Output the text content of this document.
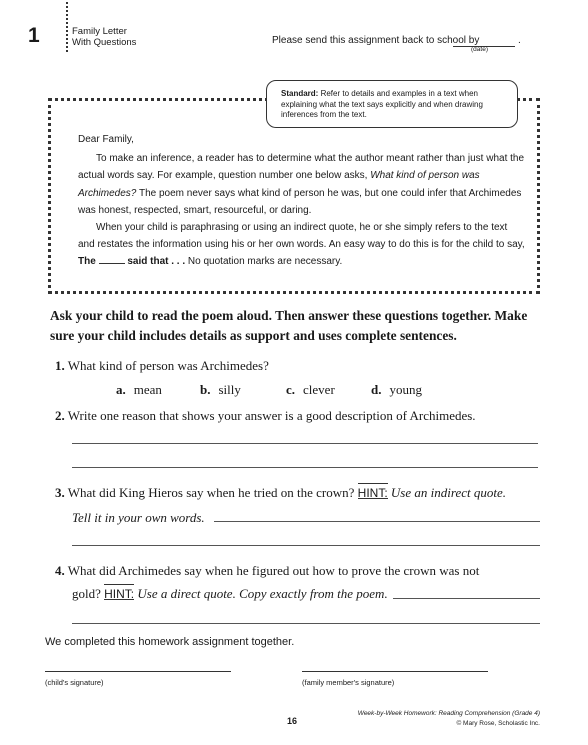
1	Family Letter
With Questions	Please send this assignment back to school by	.
(date)
Standard: Refer to details and examples in a text when explaining what the text says explicitly and when drawing inferences from the text.

Dear Family,

To make an inference, a reader has to determine what the author meant rather than just what the actual words say. For example, question number one below asks, What kind of person was Archimedes? The poem never says what kind of person he was, but one could infer that Archimedes was honest, respected, smart, resourceful, or daring.

When your child is paraphrasing or using an indirect quote, he or she simply refers to the text and restates the information using his or her own words. An easy way to do this is for the child to say, The	said that . . . No quotation marks are necessary.

Ask your child to read the poem aloud. Then answer these questions together. Make sure your child includes details as support and uses complete sentences.
1. What kind of person was Archimedes?
a. mean	b. silly	c. clever	d. young
2. Write one reason that shows your answer is a good description of Archimedes.
3. What did King Hieros say when he tried on the crown? HINT: Use an indirect quote.
Tell it in your own words.
4. What did Archimedes say when he figured out how to prove the crown was not
gold? HINT: Use a direct quote. Copy exactly from the poem.
We completed this homework assignment together.
(child's signature)	(family member's signature)
16
Week-by-Week Homework: Reading Comprehension (Grade 4)
© Mary Rose, Scholastic Inc.
